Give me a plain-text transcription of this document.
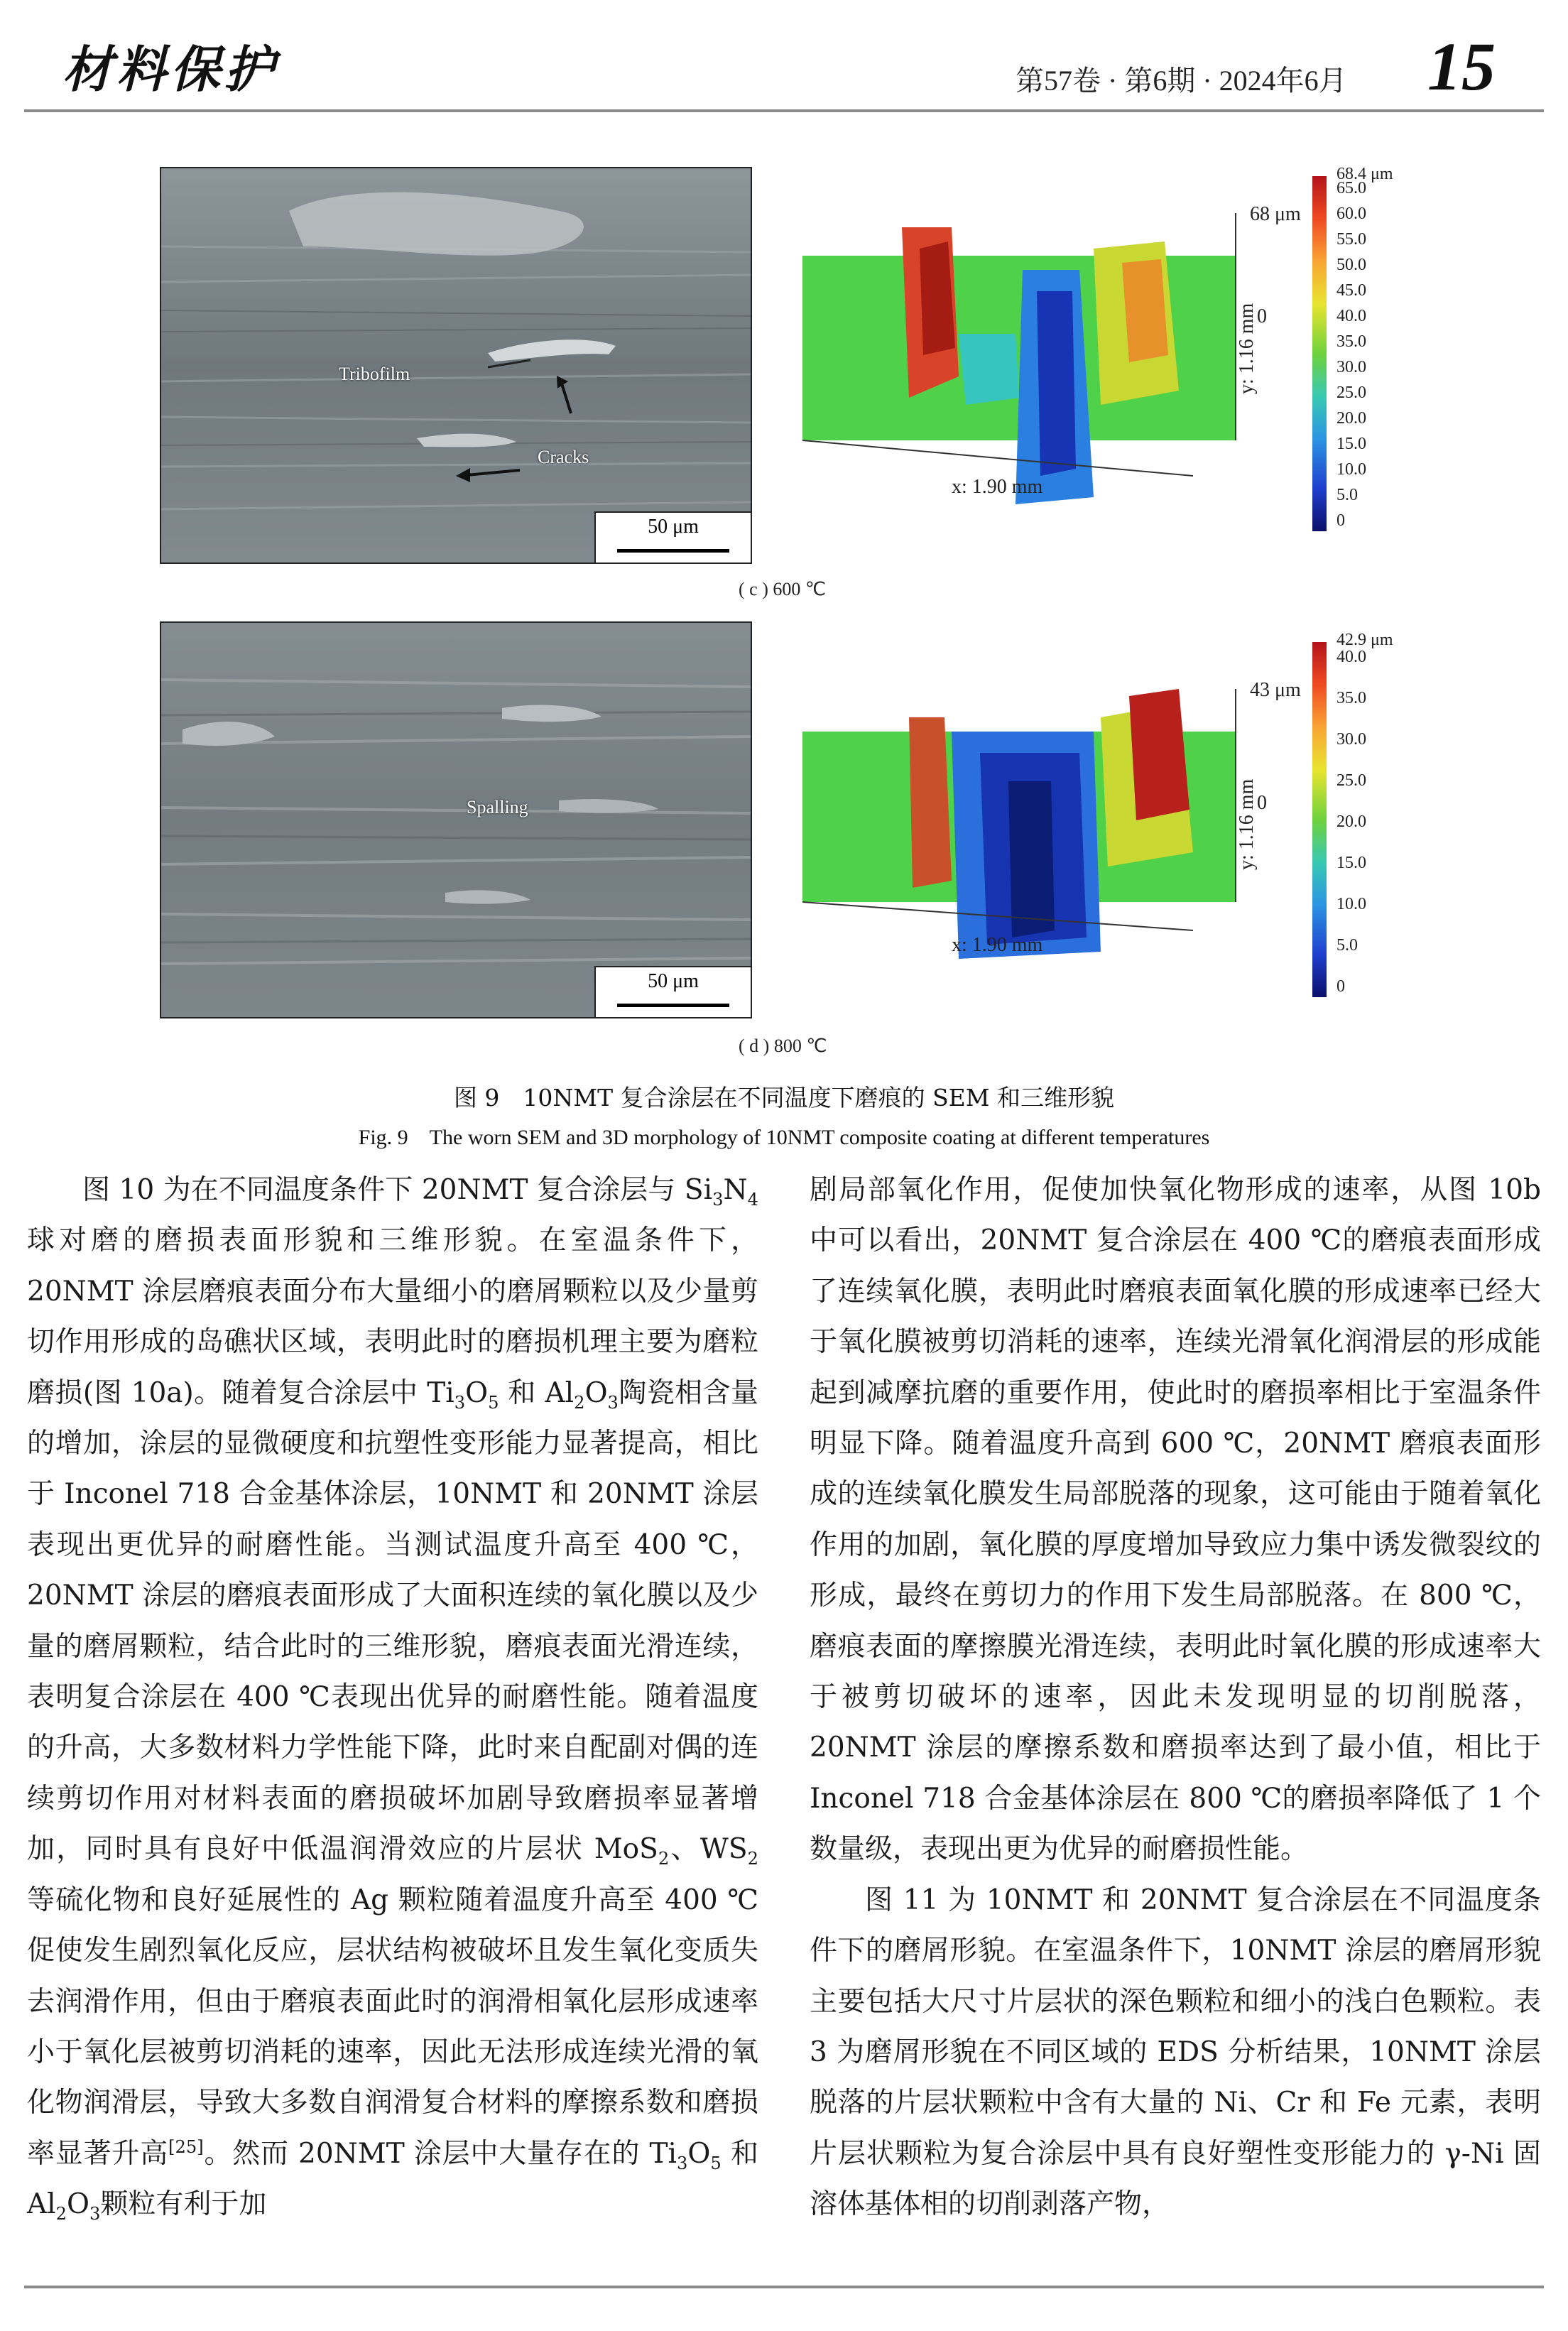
材料保护	第57卷 · 第6期 · 2024年6月 15
Tribofilm
Cracks
50 μm
68 μm
0
y: 1.16 mm
x: 1.90 mm
68.4 μm
65.0
60.0
55.0
50.0
45.0
40.0
35.0
30.0
25.0
20.0
15.0
10.0
5.0
0
( c ) 600 ℃
Spalling
50 μm
43 μm
0
y: 1.16 mm
x: 1.90 mm
42.9 μm
40.0
35.0
30.0
25.0
20.0
15.0
10.0
5.0
0
( d ) 800 ℃
图 9　10NMT 复合涂层在不同温度下磨痕的 SEM 和三维形貌
Fig. 9　The worn SEM and 3D morphology of 10NMT composite coating at different temperatures

图 10 为在不同温度条件下 20NMT 复合涂层与 $Si_3N_4$球对磨的磨损表面形貌和三维形貌。在室温条件下，20NMT 涂层磨痕表面分布大量细小的磨屑颗粒以及少量剪切作用形成的岛礁状区域，表明此时的磨损机理主要为磨粒磨损(图 10a)。随着复合涂层中 $Ti_3O_5$ 和 $Al_2O_3$陶瓷相含量的增加，涂层的显微硬度和抗塑性变形能力显著提高，相比于 Inconel 718 合金基体涂层，10NMT 和 20NMT 涂层表现出更优异的耐磨性能。当测试温度升高至 400 ℃，20NMT 涂层的磨痕表面形成了大面积连续的氧化膜以及少量的磨屑颗粒，结合此时的三维形貌，磨痕表面光滑连续，表明复合涂层在 400 ℃表现出优异的耐磨性能。随着温度的升高，大多数材料力学性能下降，此时来自配副对偶的连续剪切作用对材料表面的磨损破坏加剧导致磨损率显著增加，同时具有良好中低温润滑效应的片层状 MoS$_2$、$WS_2$ 等硫化物和良好延展性的 Ag 颗粒随着温度升高至 400 ℃促使发生剧烈氧化反应，层状结构被破坏且发生氧化变质失去润滑作用，但由于磨痕表面此时的润滑相氧化层形成速率小于氧化层被剪切消耗的速率，因此无法形成连续光滑的氧化物润滑层，导致大多数自润滑复合材料的摩擦系数和磨损率显著升高[25]。然而 20NMT 涂层中大量存在的 $Ti_3O_5$ 和 $Al_2O_3$颗粒有利于加

剧局部氧化作用，促使加快氧化物形成的速率，从图 10b 中可以看出，20NMT 复合涂层在 400 ℃的磨痕表面形成了连续氧化膜，表明此时磨痕表面氧化膜的形成速率已经大于氧化膜被剪切消耗的速率，连续光滑氧化润滑层的形成能起到减摩抗磨的重要作用，使此时的磨损率相比于室温条件明显下降。随着温度升高到 600 ℃，20NMT 磨痕表面形成的连续氧化膜发生局部脱落的现象，这可能由于随着氧化作用的加剧，氧化膜的厚度增加导致应力集中诱发微裂纹的形成，最终在剪切力的作用下发生局部脱落。在 800 ℃，磨痕表面的摩擦膜光滑连续，表明此时氧化膜的形成速率大于被剪切破坏的速率，因此未发现明显的切削脱落，20NMT 涂层的摩擦系数和磨损率达到了最小值，相比于 Inconel 718 合金基体涂层在 800 ℃的磨损率降低了 1 个数量级，表现出更为优异的耐磨损性能。

图 11 为 10NMT 和 20NMT 复合涂层在不同温度条件下的磨屑形貌。在室温条件下，10NMT 涂层的磨屑形貌主要包括大尺寸片层状的深色颗粒和细小的浅白色颗粒。表 3 为磨屑形貌在不同区域的 EDS 分析结果，10NMT 涂层脱落的片层状颗粒中含有大量的 Ni、Cr 和 Fe 元素，表明片层状颗粒为复合涂层中具有良好塑性变形能力的 γ-Ni 固溶体基体相的切削剥落产物，
